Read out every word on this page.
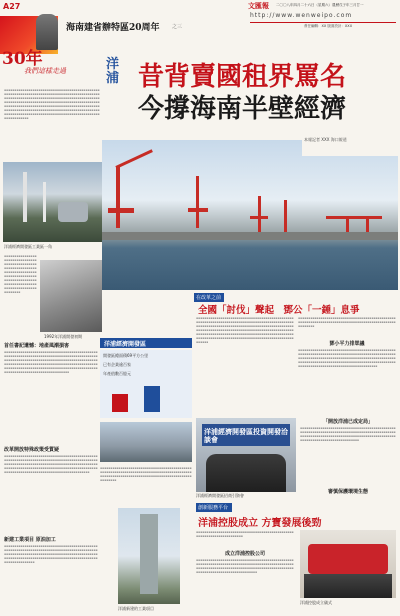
A27	文匯報 二〇〇八年四月二十六日（星期六）農曆戊子年三月廿一
http://www.wenweipo.com
海南建省辦特區20周年 之三	責任編輯：XX 版面設計：XXX
30年
我們這樣走過	洋浦 昔背賣國租界罵名
今撐海南半壁經濟
▪▪▪▪▪▪▪▪▪▪▪▪▪▪▪▪▪▪▪▪▪▪▪▪▪▪▪▪▪▪▪▪▪▪▪▪▪▪▪▪▪▪▪▪▪▪▪▪▪▪▪▪▪▪▪▪▪▪▪▪▪▪▪▪▪▪▪▪▪▪▪▪▪▪▪▪▪▪▪▪▪▪▪▪▪▪▪▪▪▪▪▪▪▪▪▪▪▪▪▪▪▪▪▪▪▪▪▪▪▪▪▪▪▪▪▪▪▪▪▪▪▪▪▪▪▪▪▪▪▪▪▪▪▪▪▪▪▪▪▪▪▪▪▪▪▪▪▪▪▪▪▪▪▪▪▪▪▪▪▪▪▪▪▪▪▪▪▪▪▪▪▪▪▪▪▪▪▪▪▪▪▪▪▪▪▪▪▪▪▪▪▪▪▪▪▪▪▪▪▪▪▪▪▪▪▪▪▪▪▪▪▪▪▪▪▪▪▪▪▪▪▪▪▪▪▪▪▪▪▪▪▪▪▪▪▪▪▪▪▪▪▪▪▪▪▪▪▪▪▪▪▪▪▪▪▪▪▪▪▪▪▪▪▪▪▪▪▪▪▪▪▪▪▪▪▪▪▪▪▪▪▪▪▪▪▪▪▪▪▪▪▪▪▪▪▪▪▪▪▪▪▪▪▪▪▪▪▪▪▪▪▪▪▪▪▪▪▪▪▪▪▪▪▪▪▪▪▪▪▪▪▪▪▪▪▪▪▪▪▪▪
洋浦經濟開發區工業區一角
本報記者 XXX 海口報道
▪▪▪▪▪▪▪▪▪▪▪▪▪▪▪▪▪▪▪▪▪▪▪▪▪▪▪▪▪▪▪▪▪▪▪▪▪▪▪▪▪▪▪▪▪▪▪▪▪▪▪▪▪▪▪▪▪▪▪▪▪▪▪▪▪▪▪▪▪▪▪▪▪▪▪▪▪▪▪▪▪▪▪▪▪▪▪▪▪▪▪▪▪▪▪▪▪▪▪▪▪▪▪▪▪▪▪▪▪▪▪▪▪▪▪▪▪▪▪▪▪▪▪▪▪▪▪▪▪▪▪▪▪▪▪▪▪▪▪▪▪▪▪▪▪▪▪▪▪▪▪▪
1992年洋浦開發初期
洋浦經濟開發區
開發區總面積69平方公里
已有企業逾百家
年產值數百億元
首任書記遺憾：地產風潮損害
▪▪▪▪▪▪▪▪▪▪▪▪▪▪▪▪▪▪▪▪▪▪▪▪▪▪▪▪▪▪▪▪▪▪▪▪▪▪▪▪▪▪▪▪▪▪▪▪▪▪▪▪▪▪▪▪▪▪▪▪▪▪▪▪▪▪▪▪▪▪▪▪▪▪▪▪▪▪▪▪▪▪▪▪▪▪▪▪▪▪▪▪▪▪▪▪▪▪▪▪▪▪▪▪▪▪▪▪▪▪▪▪▪▪▪▪▪▪▪▪▪▪▪▪▪▪▪▪▪▪▪▪▪▪▪▪▪▪▪▪▪▪▪▪▪▪▪▪▪▪▪▪▪▪▪▪▪▪▪▪▪▪▪▪▪▪▪▪▪▪▪▪▪▪▪▪▪▪▪▪▪▪▪▪▪▪▪▪▪▪▪▪▪▪▪▪▪▪▪▪▪▪▪▪▪▪▪▪▪▪▪▪▪▪▪▪▪▪▪▪▪▪▪▪▪▪▪▪▪▪▪▪▪▪▪▪▪▪▪▪▪▪▪▪▪▪▪▪▪▪▪▪▪▪▪▪▪▪▪▪▪▪
改革開放特殊政策受質疑
▪▪▪▪▪▪▪▪▪▪▪▪▪▪▪▪▪▪▪▪▪▪▪▪▪▪▪▪▪▪▪▪▪▪▪▪▪▪▪▪▪▪▪▪▪▪▪▪▪▪▪▪▪▪▪▪▪▪▪▪▪▪▪▪▪▪▪▪▪▪▪▪▪▪▪▪▪▪▪▪▪▪▪▪▪▪▪▪▪▪▪▪▪▪▪▪▪▪▪▪▪▪▪▪▪▪▪▪▪▪▪▪▪▪▪▪▪▪▪▪▪▪▪▪▪▪▪▪▪▪▪▪▪▪▪▪▪▪▪▪▪▪▪▪▪▪▪▪▪▪▪▪▪▪▪▪▪▪▪▪▪▪▪▪▪▪▪▪▪▪▪▪▪▪▪▪▪▪▪▪▪▪▪▪▪▪▪▪▪▪▪▪▪▪▪▪▪▪▪▪▪▪▪▪▪▪▪▪▪▪▪▪▪▪▪▪▪▪▪▪▪▪▪▪▪▪
新建工業項目 原油加工
▪▪▪▪▪▪▪▪▪▪▪▪▪▪▪▪▪▪▪▪▪▪▪▪▪▪▪▪▪▪▪▪▪▪▪▪▪▪▪▪▪▪▪▪▪▪▪▪▪▪▪▪▪▪▪▪▪▪▪▪▪▪▪▪▪▪▪▪▪▪▪▪▪▪▪▪▪▪▪▪▪▪▪▪▪▪▪▪▪▪▪▪▪▪▪▪▪▪▪▪▪▪▪▪▪▪▪▪▪▪▪▪▪▪▪▪▪▪▪▪▪▪▪▪▪▪▪▪▪▪▪▪▪▪▪▪▪▪▪▪▪▪▪▪▪▪▪▪▪▪▪▪▪▪▪▪▪▪▪▪▪▪▪▪▪▪▪▪▪▪▪▪▪▪▪▪▪▪▪▪▪▪▪▪▪▪▪▪▪▪▪▪▪▪▪▪▪▪▪
▪▪▪▪▪▪▪▪▪▪▪▪▪▪▪▪▪▪▪▪▪▪▪▪▪▪▪▪▪▪▪▪▪▪▪▪▪▪▪▪▪▪▪▪▪▪▪▪▪▪▪▪▪▪▪▪▪▪▪▪▪▪▪▪▪▪▪▪▪▪▪▪▪▪▪▪▪▪▪▪▪▪▪▪▪▪▪▪▪▪▪▪▪▪▪▪▪▪▪▪▪▪▪▪▪▪▪▪▪▪▪▪▪▪▪▪▪▪▪▪▪▪▪▪▪▪▪▪▪▪▪▪▪▪▪▪▪▪▪▪▪▪▪
洋浦新建的工業項目
在改革之前
全國「討伐」聲起　鄧公「一錘」息爭
▪▪▪▪▪▪▪▪▪▪▪▪▪▪▪▪▪▪▪▪▪▪▪▪▪▪▪▪▪▪▪▪▪▪▪▪▪▪▪▪▪▪▪▪▪▪▪▪▪▪▪▪▪▪▪▪▪▪▪▪▪▪▪▪▪▪▪▪▪▪▪▪▪▪▪▪▪▪▪▪▪▪▪▪▪▪▪▪▪▪▪▪▪▪▪▪▪▪▪▪▪▪▪▪▪▪▪▪▪▪▪▪▪▪▪▪▪▪▪▪▪▪▪▪▪▪▪▪▪▪▪▪▪▪▪▪▪▪▪▪▪▪▪▪▪▪▪▪▪▪▪▪▪▪▪▪▪▪▪▪▪▪▪▪▪▪▪▪▪▪▪▪▪▪▪▪▪▪▪▪▪▪▪▪▪▪▪▪▪▪▪▪▪▪▪▪▪▪▪▪▪▪▪▪▪▪▪▪▪▪▪▪▪▪▪▪▪▪▪▪▪▪▪▪▪▪▪▪▪▪▪▪▪▪▪▪▪▪▪▪▪▪▪▪▪▪▪▪▪▪▪▪▪▪▪▪▪▪▪▪▪▪▪▪▪▪▪▪▪▪▪▪▪▪▪▪▪▪▪▪▪▪▪▪▪▪▪▪▪▪▪▪▪▪	鄧小平力排眾議
▪▪▪▪▪▪▪▪▪▪▪▪▪▪▪▪▪▪▪▪▪▪▪▪▪▪▪▪▪▪▪▪▪▪▪▪▪▪▪▪▪▪▪▪▪▪▪▪▪▪▪▪▪▪▪▪▪▪▪▪▪▪▪▪▪▪▪▪▪▪▪▪▪▪▪▪▪▪▪▪▪▪▪▪▪▪▪▪▪▪▪▪▪▪▪▪▪▪▪▪▪▪▪▪
▪▪▪▪▪▪▪▪▪▪▪▪▪▪▪▪▪▪▪▪▪▪▪▪▪▪▪▪▪▪▪▪▪▪▪▪▪▪▪▪▪▪▪▪▪▪▪▪▪▪▪▪▪▪▪▪▪▪▪▪▪▪▪▪▪▪▪▪▪▪▪▪▪▪▪▪▪▪▪▪▪▪▪▪▪▪▪▪▪▪▪▪▪▪▪▪▪▪▪▪▪▪▪▪▪▪▪▪▪▪▪▪▪▪▪▪▪▪▪▪▪▪▪▪▪▪▪▪▪▪▪▪▪▪▪▪▪▪▪▪▪▪▪▪▪▪▪▪▪▪▪▪▪▪▪▪▪▪▪▪▪▪▪▪▪▪▪▪▪▪▪▪▪▪▪▪▪▪▪▪▪▪▪▪▪▪▪▪▪▪▪▪▪▪▪▪▪▪▪▪▪▪▪▪▪▪▪▪▪▪▪▪▪▪▪▪▪▪▪▪▪▪▪▪▪▪▪▪▪▪▪
洋浦經濟開發區投資開發洽談會
洋浦經濟開發區招商引資會
「開放洋浦已成定局」
▪▪▪▪▪▪▪▪▪▪▪▪▪▪▪▪▪▪▪▪▪▪▪▪▪▪▪▪▪▪▪▪▪▪▪▪▪▪▪▪▪▪▪▪▪▪▪▪▪▪▪▪▪▪▪▪▪▪▪▪▪▪▪▪▪▪▪▪▪▪▪▪▪▪▪▪▪▪▪▪▪▪▪▪▪▪▪▪▪▪▪▪▪▪▪▪▪▪▪▪▪▪▪▪▪▪▪▪▪▪▪▪▪▪▪▪▪▪▪▪▪▪▪▪▪▪▪▪▪▪▪▪▪▪▪▪▪▪▪▪▪▪▪▪▪▪▪▪▪▪▪▪▪▪▪▪▪▪▪▪▪▪▪▪▪▪▪▪▪▪
審慎保護環境生態
創新服務平台
洋浦控股成立 方寶發展後勁
▪▪▪▪▪▪▪▪▪▪▪▪▪▪▪▪▪▪▪▪▪▪▪▪▪▪▪▪▪▪▪▪▪▪▪▪▪▪▪▪▪▪▪▪▪▪▪▪▪▪▪▪▪▪▪▪▪▪▪▪▪▪▪▪▪▪▪▪▪▪▪
成立洋浦控股公司
▪▪▪▪▪▪▪▪▪▪▪▪▪▪▪▪▪▪▪▪▪▪▪▪▪▪▪▪▪▪▪▪▪▪▪▪▪▪▪▪▪▪▪▪▪▪▪▪▪▪▪▪▪▪▪▪▪▪▪▪▪▪▪▪▪▪▪▪▪▪▪▪▪▪▪▪▪▪▪▪▪▪▪▪▪▪▪▪▪▪▪▪▪▪▪▪▪▪▪▪▪▪▪▪▪▪▪▪▪▪▪▪▪▪▪▪▪▪▪▪▪▪▪▪▪▪▪▪▪▪▪▪▪▪▪▪▪▪▪▪▪▪▪▪▪▪▪▪▪▪▪▪▪▪▪▪▪▪▪▪▪▪▪▪▪▪▪▪▪▪▪▪▪▪
洋浦控股成立儀式
